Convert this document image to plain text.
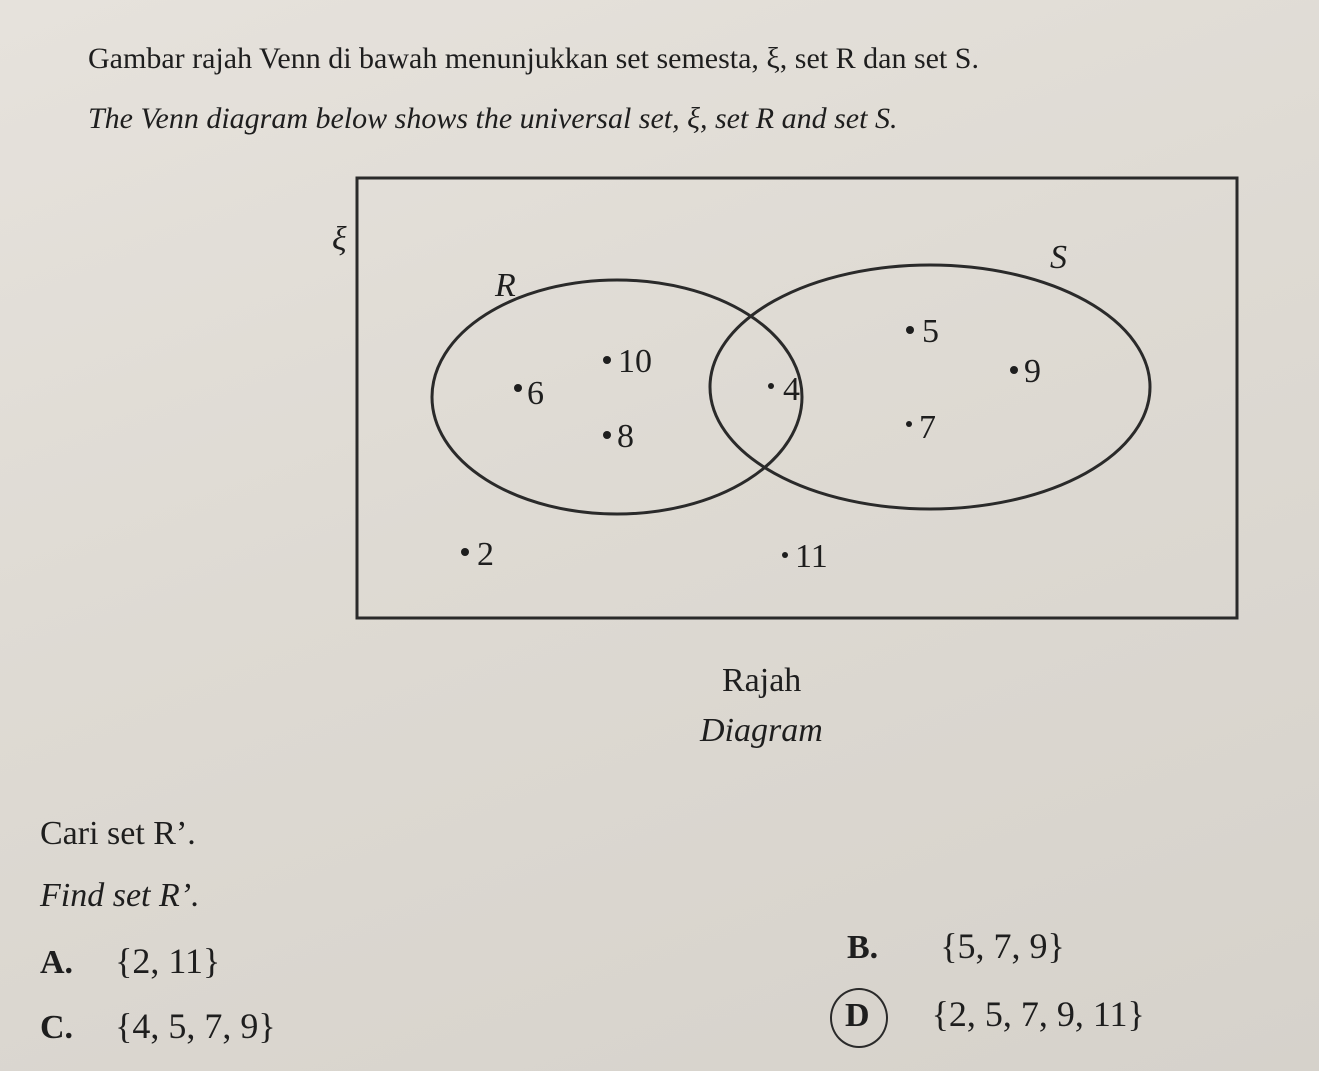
Gambar rajah Venn di bawah menunjukkan set semesta, ξ, set R dan set S.
The Venn diagram below shows the universal set, ξ, set R and set S.
ξ
R
S
6
10
8
4
5
9
7
2	11
Rajah
Diagram
Cari set R’.
Find set R’.
A. {2, 11}	B. {5, 7, 9}
C. {4, 5, 7, 9}	D {2, 5, 7, 9, 11}
